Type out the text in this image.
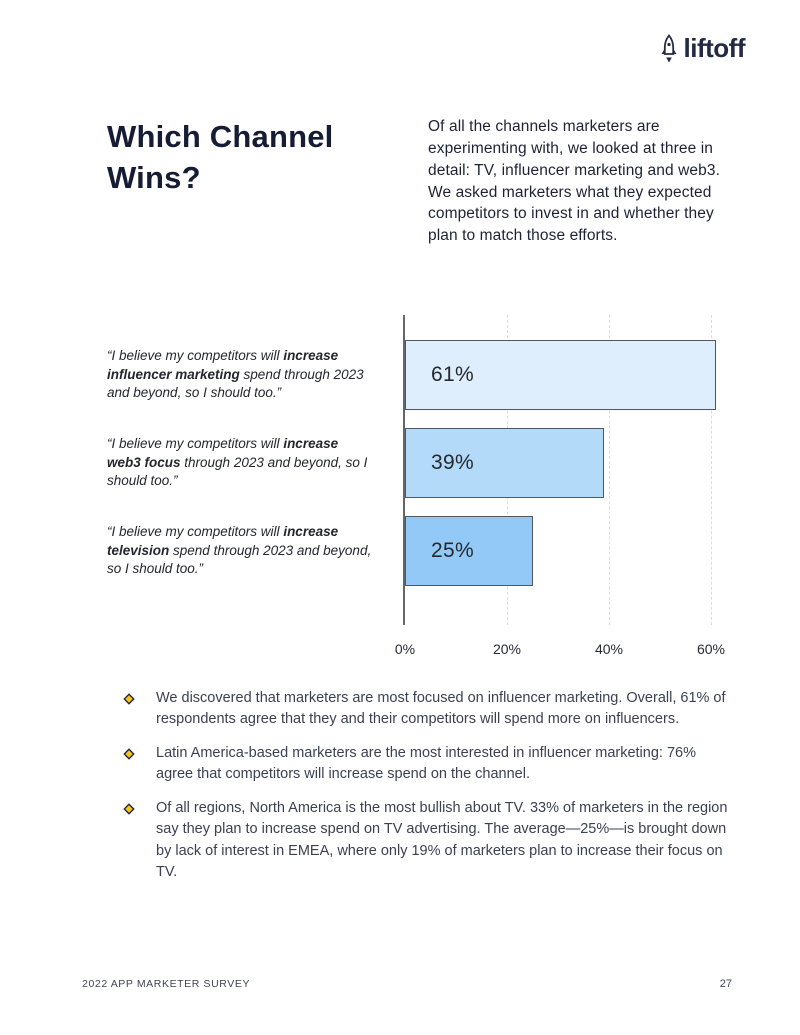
liftoff
Which Channel Wins?

Of all the channels marketers are experimenting with, we looked at three in detail: TV, influencer marketing and web3. We asked marketers what they expected competitors to invest in and whether they plan to match those efforts.

“I believe my competitors will increase influencer marketing spend through 2023 and beyond, so I should too.”
“I believe my competitors will increase web3 focus through 2023 and beyond, so I should too.”
“I believe my competitors will increase television spend through 2023 and beyond, so I should too.”
61%
39%
25%
0%	20%	40%	60%

We discovered that marketers are most focused on influencer marketing. Overall, 61% of respondents agree that they and their competitors will spend more on influencers.

Latin America-based marketers are the most interested in influencer marketing: 76% agree that competitors will increase spend on the channel.

Of all regions, North America is the most bullish about TV. 33% of marketers in the region say they plan to increase spend on TV advertising. The average—25%—is brought down by lack of interest in EMEA, where only 19% of marketers plan to increase their focus on TV.

2022 APP MARKETER SURVEY	27
